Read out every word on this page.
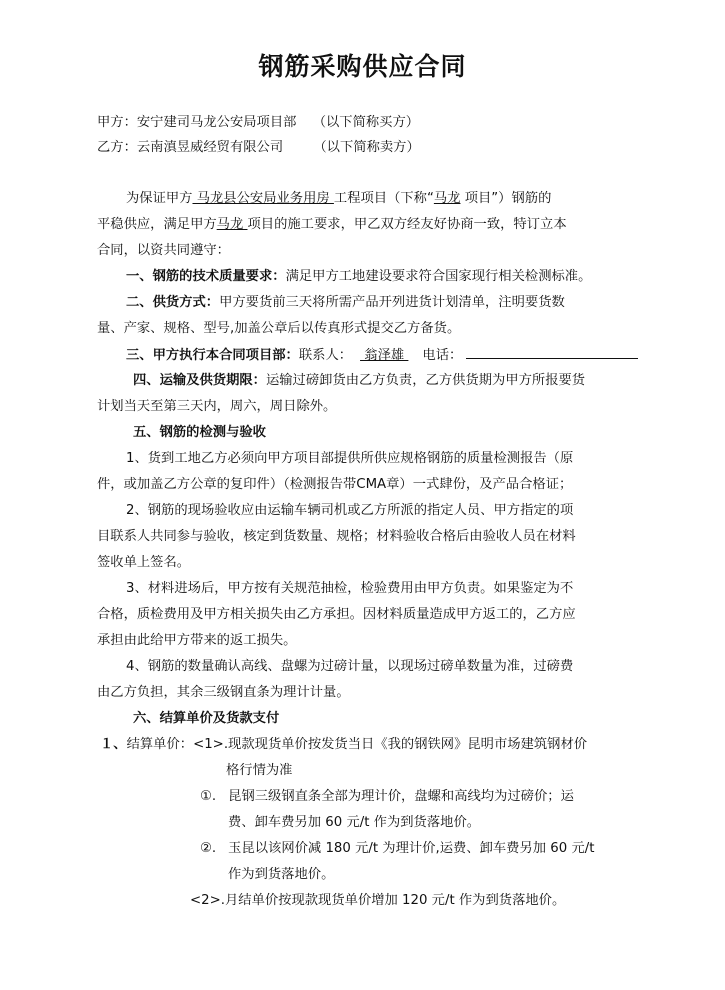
钢筋采购供应合同
甲方：安宁建司马龙公安局项目部 （以下简称买方）
乙方：云南滇昱威经贸有限公司 （以下简称卖方）
为保证甲方 马龙县公安局业务用房 工程项目（下称“马龙 项目”）钢筋的
平稳供应，满足甲方马龙 项目的施工要求，甲乙双方经友好协商一致，特订立本
合同，以资共同遵守：
一、钢筋的技术质量要求：满足甲方工地建设要求符合国家现行相关检测标准。
二、供货方式：甲方要货前三天将所需产品开列进货计划清单，注明要货数
量、产家、规格、型号,加盖公章后以传真形式提交乙方备货。
三、甲方执行本合同项目部：联系人： 翁泽雄 电话：
四、运输及供货期限：运输过磅卸货由乙方负责，乙方供货期为甲方所报要货
计划当天至第三天内，周六，周日除外。
五、钢筋的检测与验收
1、货到工地乙方必须向甲方项目部提供所供应规格钢筋的质量检测报告（原
件，或加盖乙方公章的复印件）（检测报告带CMA章）一式肆份，及产品合格证；
2、钢筋的现场验收应由运输车辆司机或乙方所派的指定人员、甲方指定的项
目联系人共同参与验收，核定到货数量、规格；材料验收合格后由验收人员在材料
签收单上签名。
3、材料进场后，甲方按有关规范抽检，检验费用由甲方负责。如果鉴定为不
合格，质检费用及甲方相关损失由乙方承担。因材料质量造成甲方返工的，乙方应
承担由此给甲方带来的返工损失。
4、钢筋的数量确认高线、盘螺为过磅计量，以现场过磅单数量为准，过磅费
由乙方负担，其余三级钢直条为理计计量。
六、结算单价及货款支付
１、结算单价：<1>.现款现货单价按发货当日《我的钢铁网》昆明市场建筑钢材价
格行情为准
①. 昆钢三级钢直条全部为理计价，盘螺和高线均为过磅价；运
费、卸车费另加 60 元/t 作为到货落地价。
②. 玉昆以该网价减 180 元/t 为理计价,运费、卸车费另加 60 元/t
作为到货落地价。
<2>.月结单价按现款现货单价增加 120 元/t 作为到货落地价。
